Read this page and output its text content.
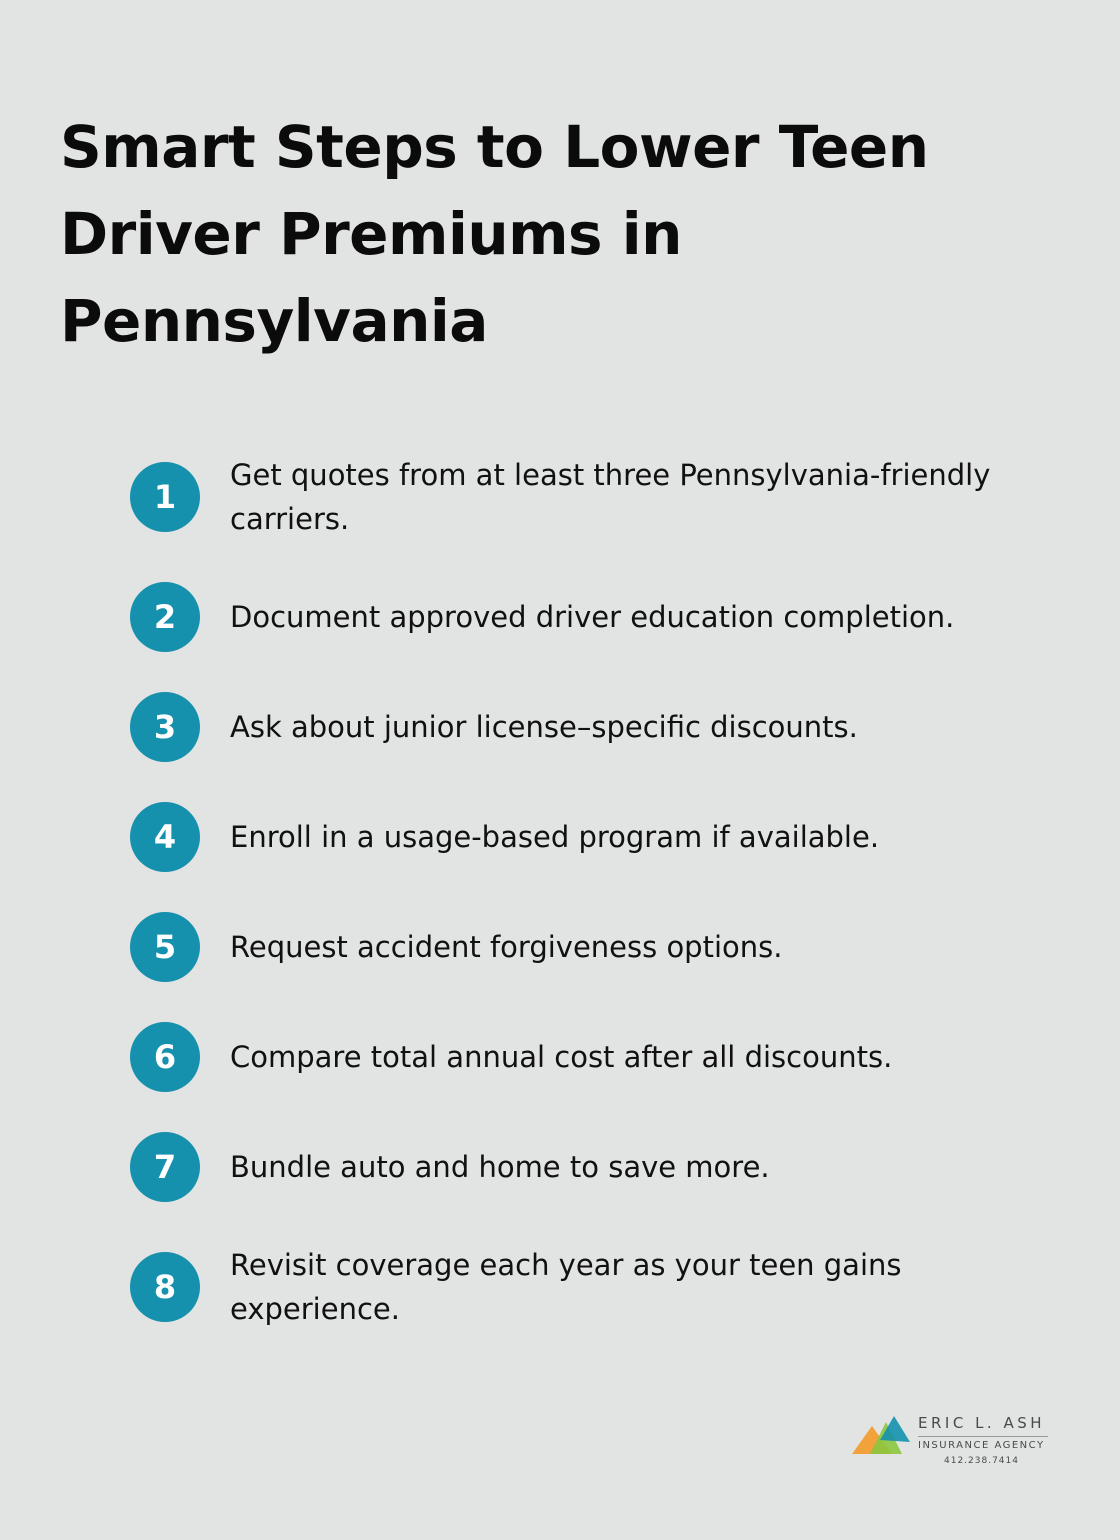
Smart Steps to Lower Teen Driver Premiums in Pennsylvania
1
Get quotes from at least three Pennsylvania-friendly carriers.
2	Document approved driver education completion.
3	Ask about junior license–specific discounts.
4	Enroll in a usage-based program if available.
5	Request accident forgiveness options.
6	Compare total annual cost after all discounts.
7	Bundle auto and home to save more.
8
Revisit coverage each year as your teen gains experience.
ERIC L. ASH
INSURANCE AGENCY
412.238.7414
